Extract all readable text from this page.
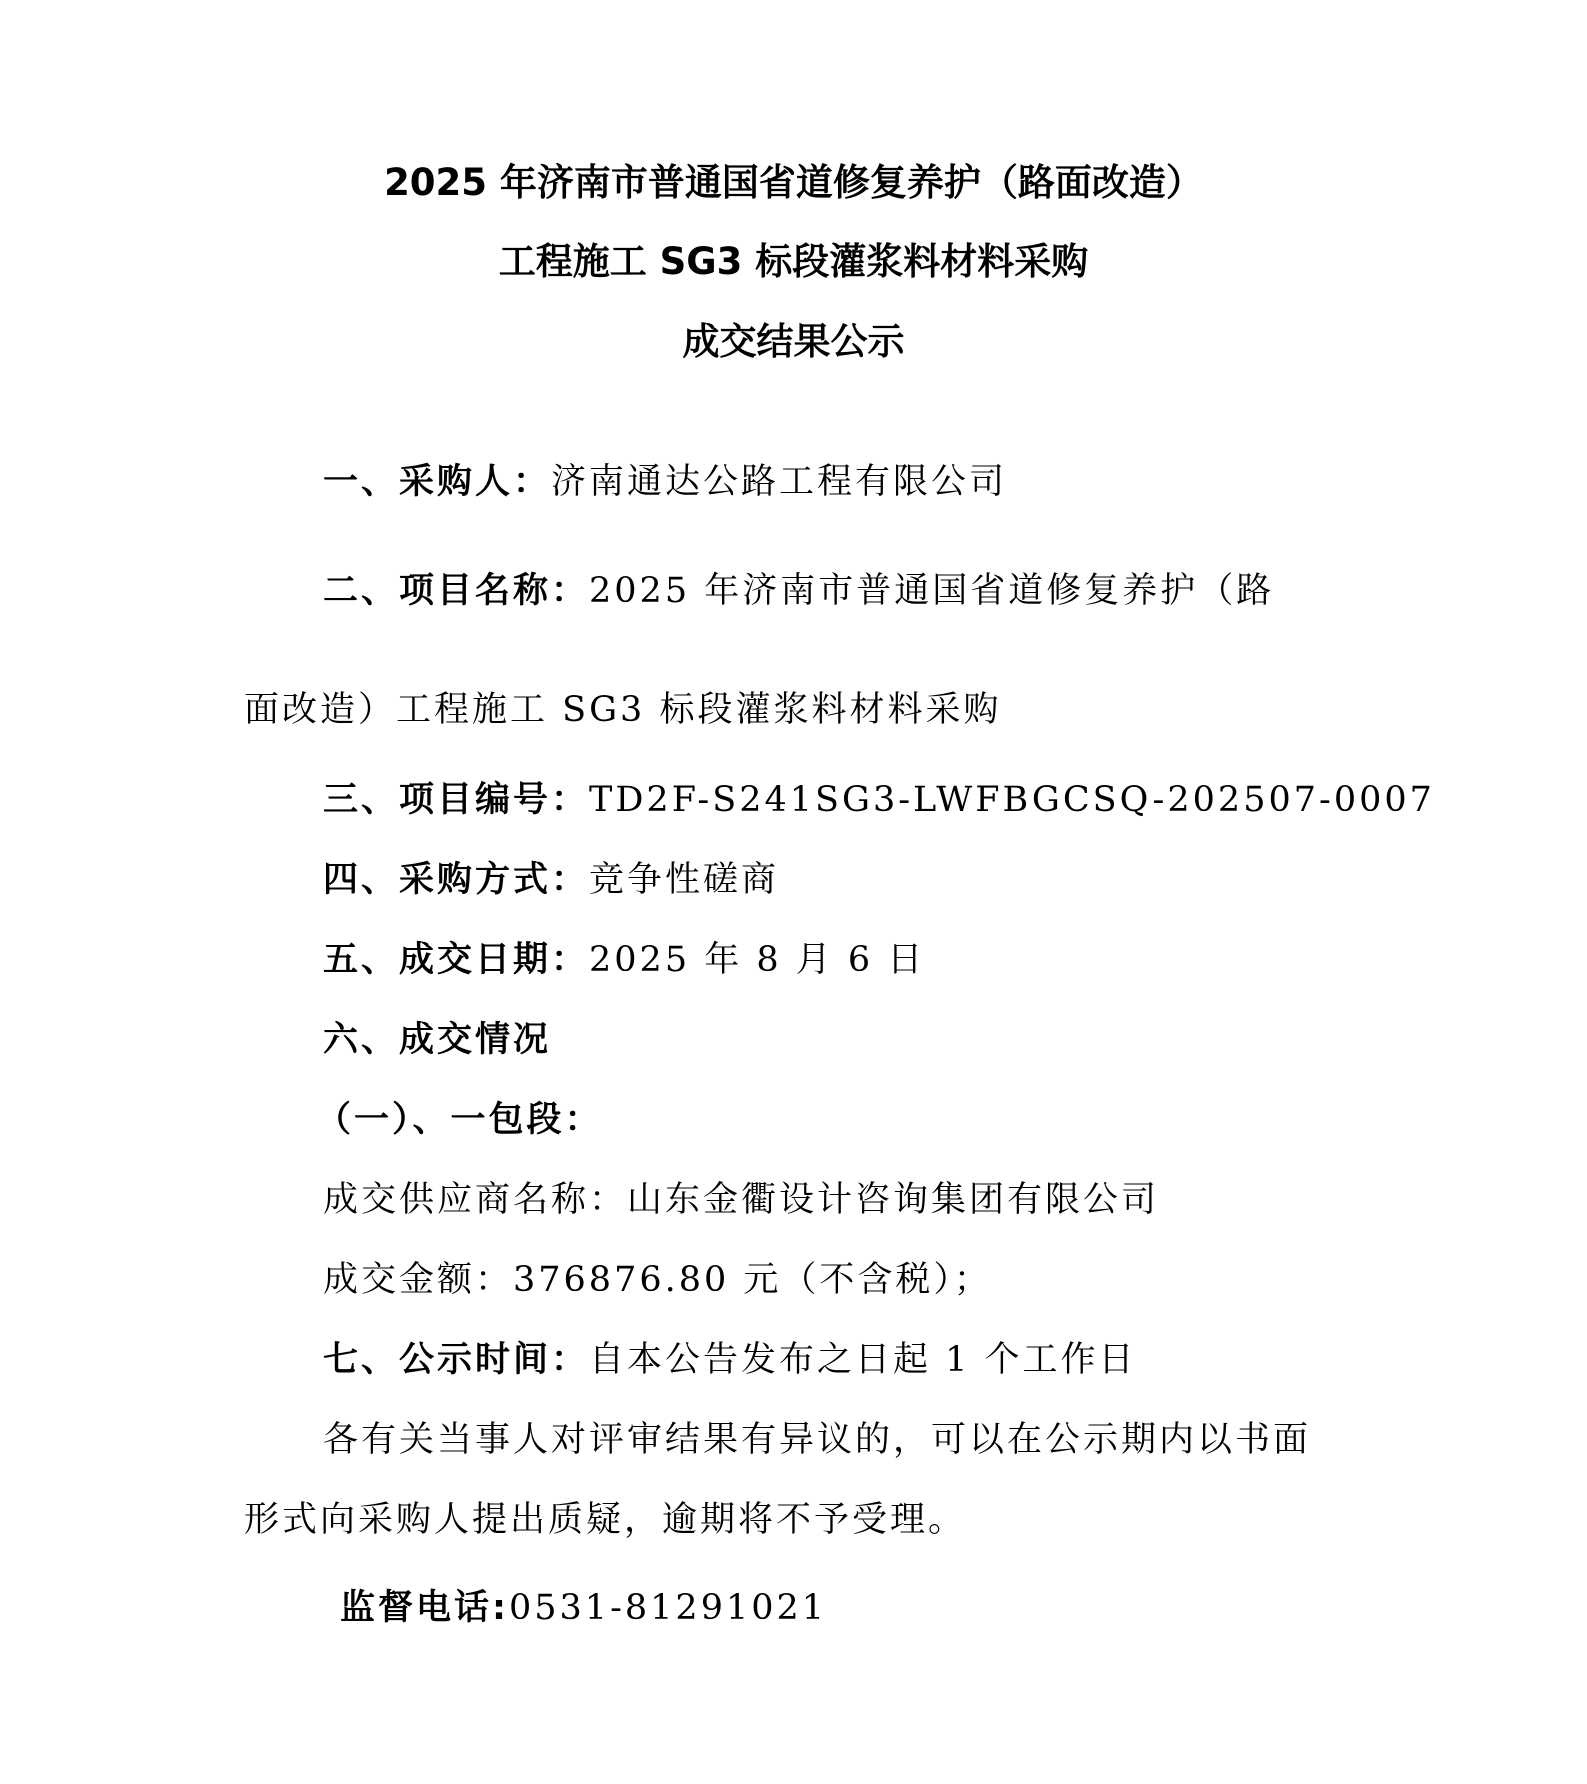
2025 年济南市普通国省道修复养护（路面改造）
工程施工 SG3 标段灌浆料材料采购
成交结果公示
一、采购人：济南通达公路工程有限公司
二、项目名称：2025 年济南市普通国省道修复养护（路
面改造）工程施工 SG3 标段灌浆料材料采购
三、项目编号：TD2F-S241SG3-LWFBGCSQ-202507-0007
四、采购方式：竞争性磋商
五、成交日期：2025 年 8 月 6 日
六、成交情况
（一）、一包段：
成交供应商名称：山东金衢设计咨询集团有限公司
成交金额：376876.80 元（不含税）；
七、公示时间：自本公告发布之日起 1 个工作日
各有关当事人对评审结果有异议的，可以在公示期内以书面
形式向采购人提出质疑，逾期将不予受理。
监督电话:0531-81291021
